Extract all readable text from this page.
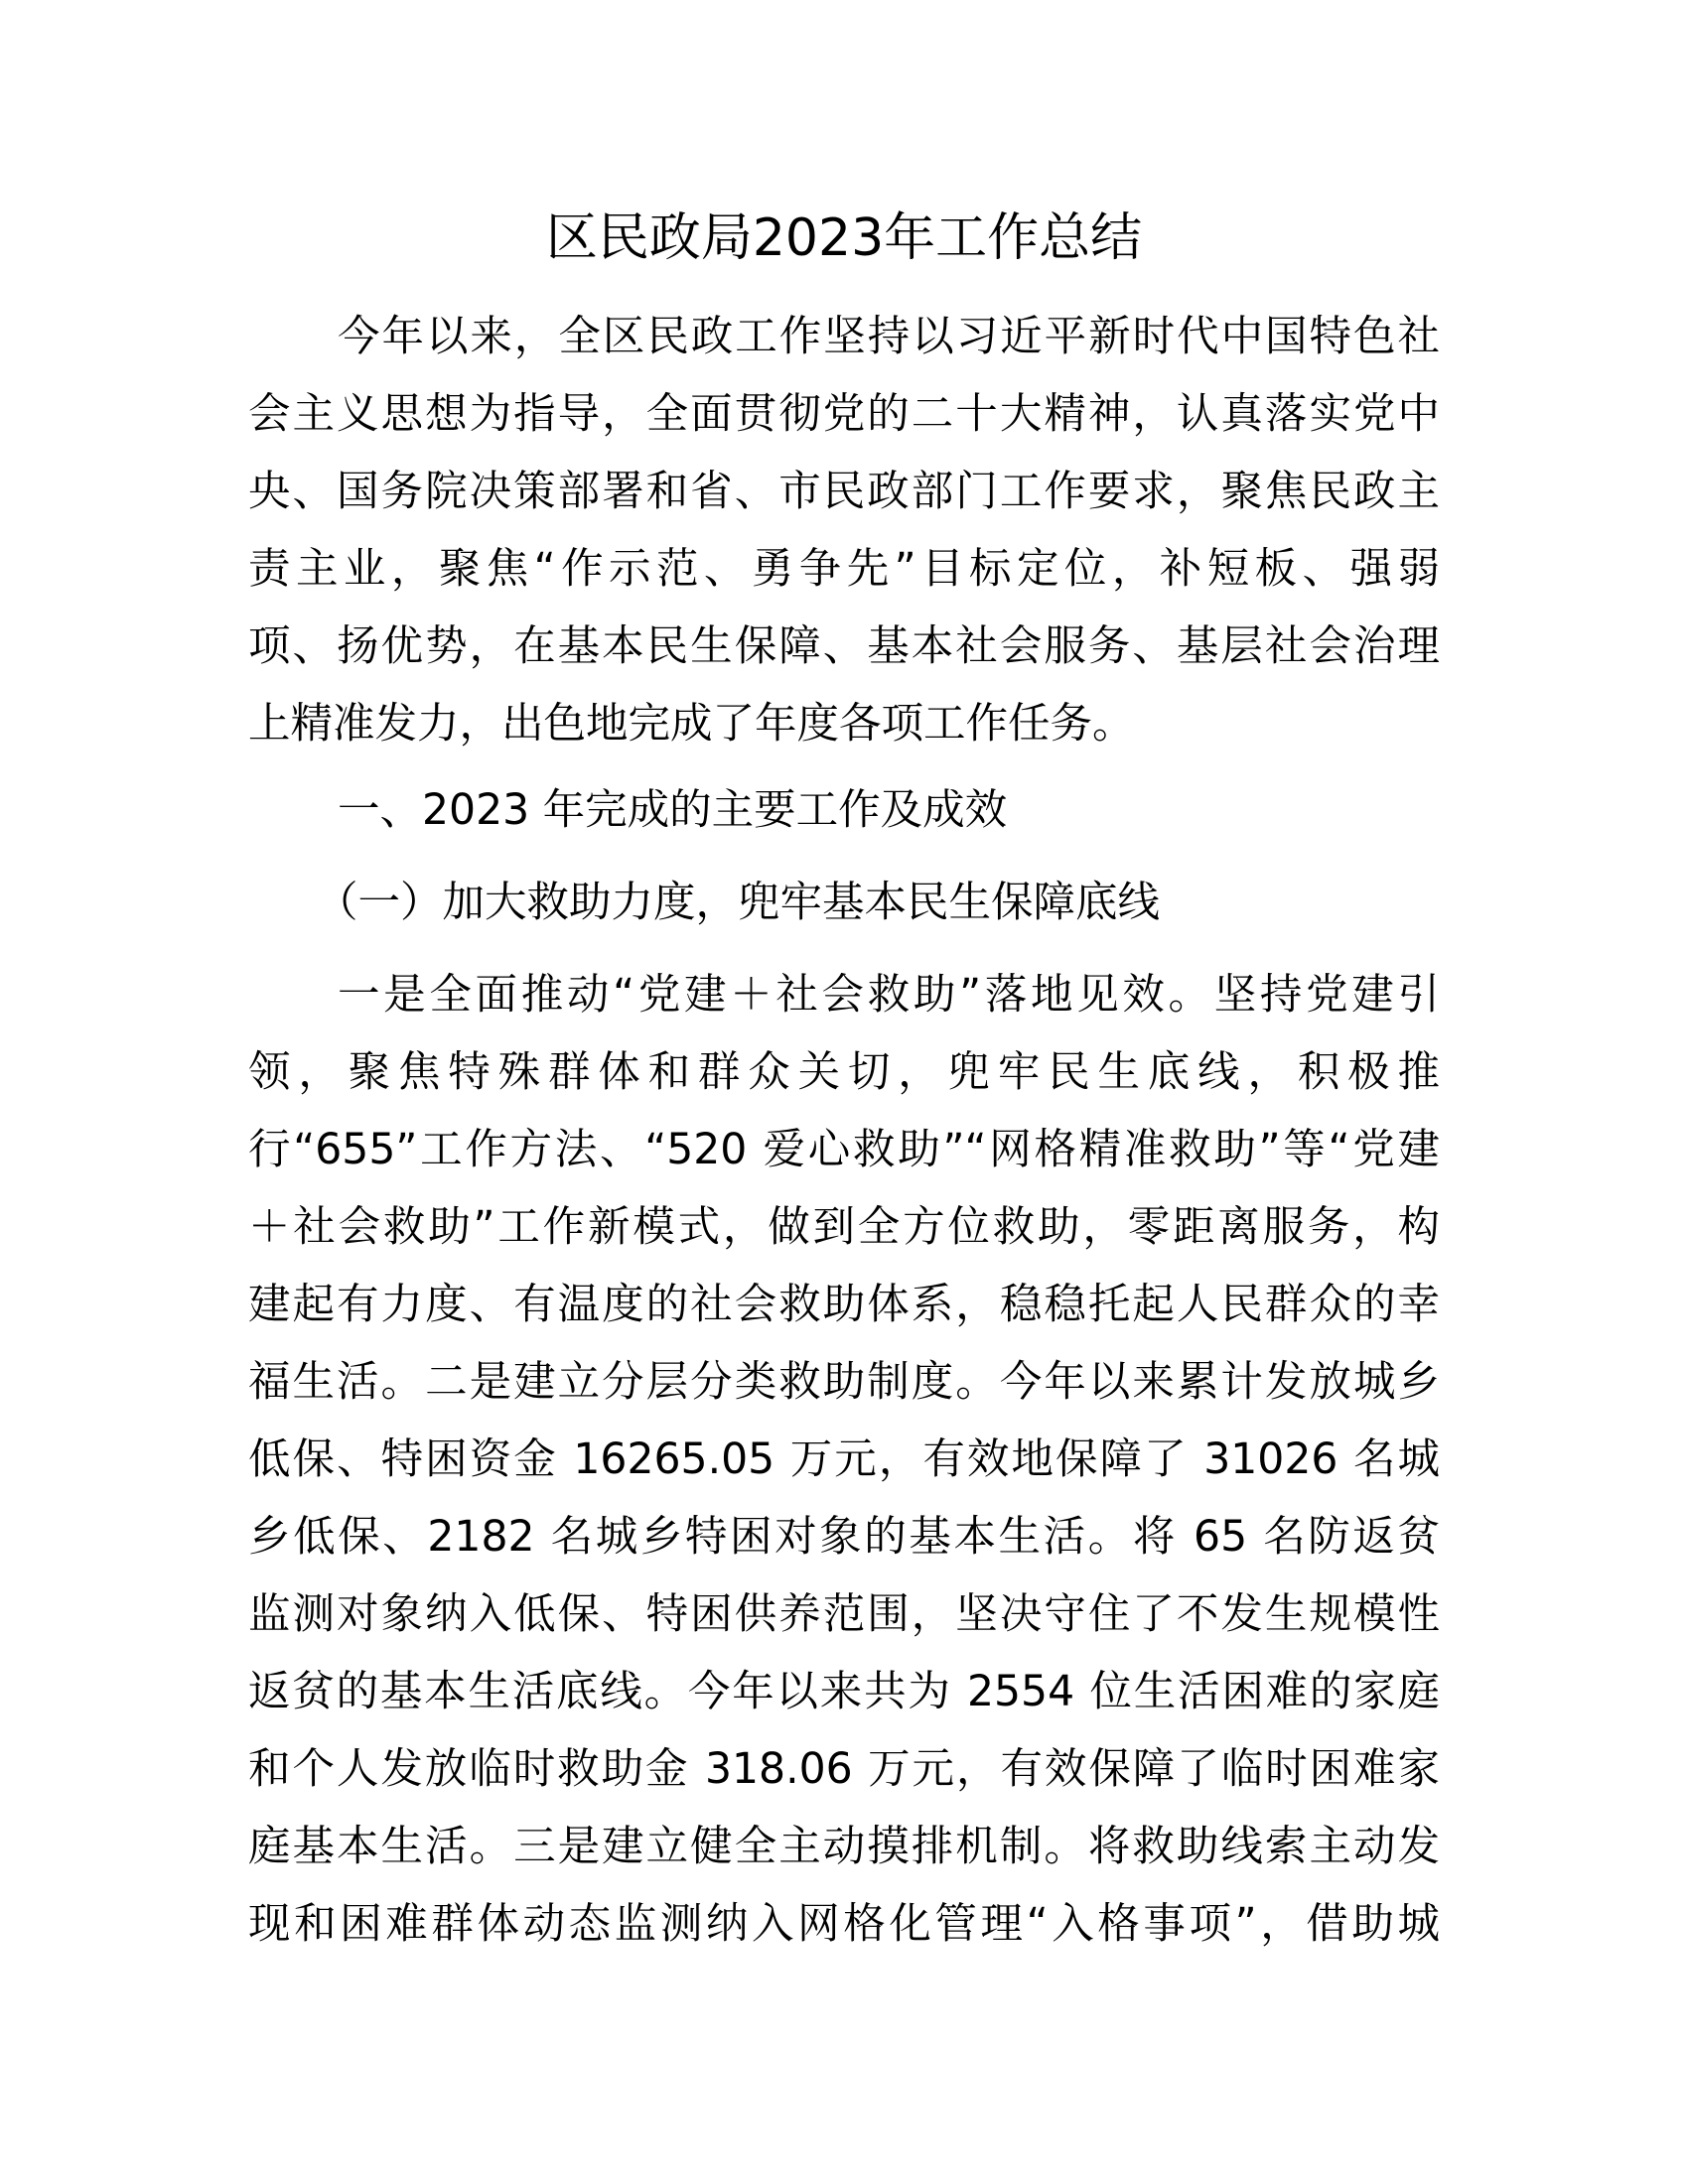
区民政局2023年工作总结
今年以来，全区民政工作坚持以习近平新时代中国特色社
会主义思想为指导，全面贯彻党的二十大精神，认真落实党中
央、国务院决策部署和省、市民政部门工作要求，聚焦民政主
责主业，聚焦“作示范、勇争先”目标定位，补短板、强弱
项、扬优势，在基本民生保障、基本社会服务、基层社会治理
上精准发力，出色地完成了年度各项工作任务。
一、2023 年完成的主要工作及成效
（一）加大救助力度，兜牢基本民生保障底线
一是全面推动“党建＋社会救助”落地见效。坚持党建引
领，聚焦特殊群体和群众关切，兜牢民生底线，积极推
行“655”工作方法、“520 爱心救助”“网格精准救助”等“党建
＋社会救助”工作新模式，做到全方位救助，零距离服务，构
建起有力度、有温度的社会救助体系，稳稳托起人民群众的幸
福生活。二是建立分层分类救助制度。今年以来累计发放城乡
低保、特困资金 16265.05 万元，有效地保障了 31026 名城
乡低保、2182 名城乡特困对象的基本生活。将 65 名防返贫
监测对象纳入低保、特困供养范围，坚决守住了不发生规模性
返贫的基本生活底线。今年以来共为 2554 位生活困难的家庭
和个人发放临时救助金 318.06 万元，有效保障了临时困难家
庭基本生活。三是建立健全主动摸排机制。将救助线索主动发
现和困难群体动态监测纳入网格化管理“入格事项”，借助城
